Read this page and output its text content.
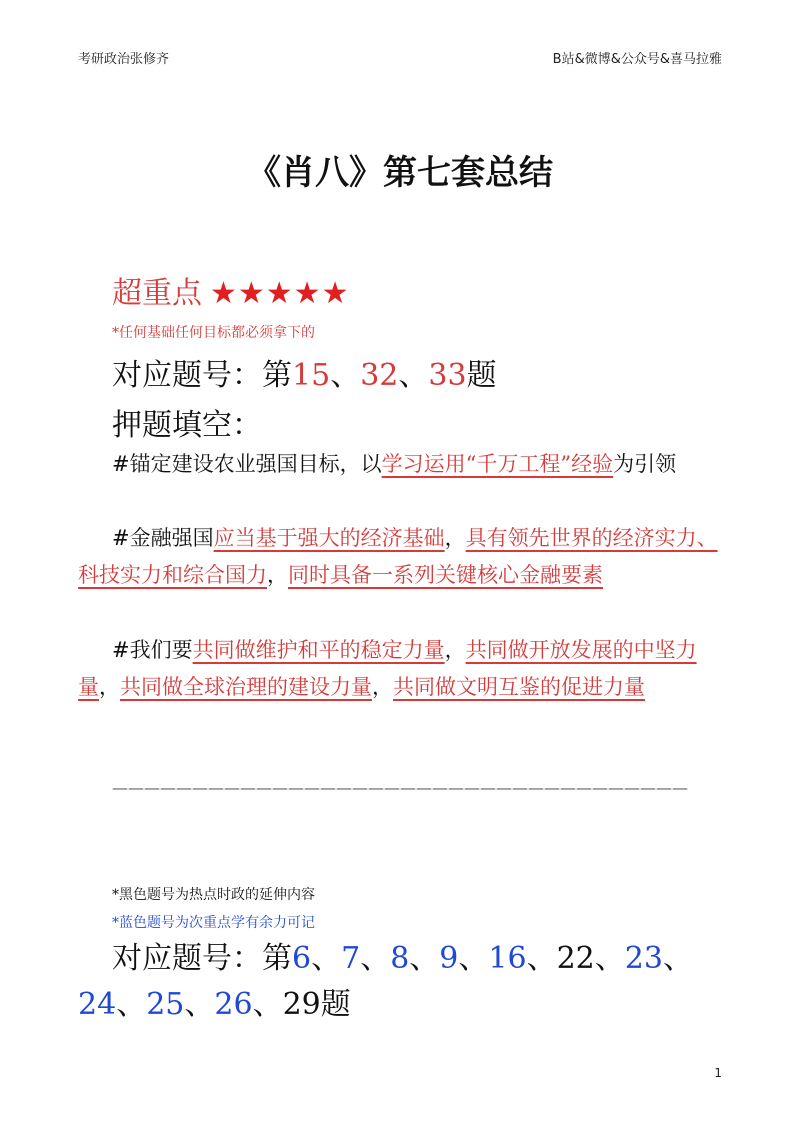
考研政治张修齐	B站&微博&公众号&喜马拉雅
《肖八》第七套总结
超重点 ★★★★★
*任何基础任何目标都必须拿下的
对应题号：第15、32、33题
押题填空：
#锚定建设农业强国目标，以学习运用“千万工程”经验为引领
#金融强国应当基于强大的经济基础，具有领先世界的经济实力、科技实力和综合国力，同时具备一系列关键核心金融要素
#我们要共同做维护和平的稳定力量，共同做开放发展的中坚力量，共同做全球治理的建设力量，共同做文明互鉴的促进力量
————————————————————————————————————
*黑色题号为热点时政的延伸内容
*蓝色题号为次重点学有余力可记
对应题号：第6、7、8、9、16、22、23、24、25、26、29题
1
